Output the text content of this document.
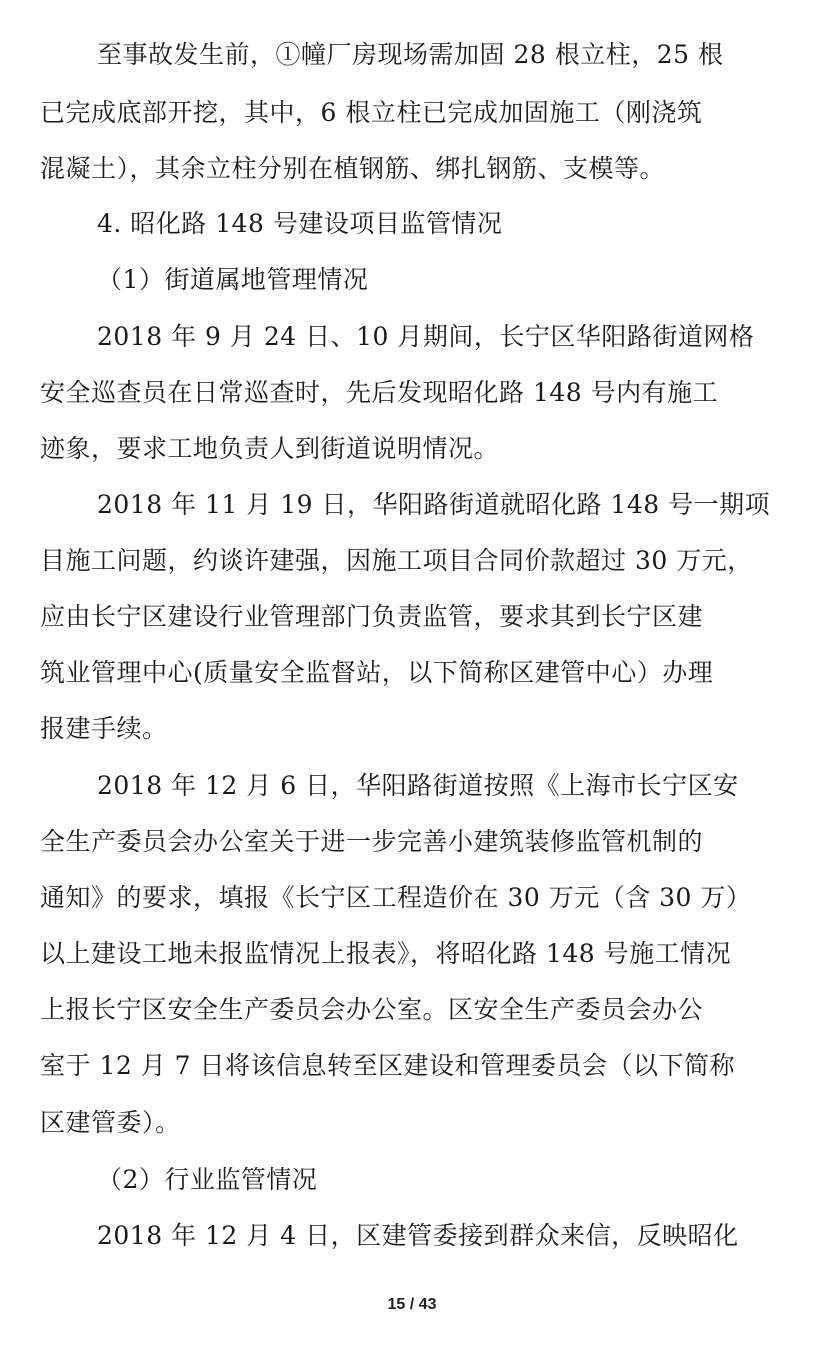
至事故发生前，①幢厂房现场需加固 28 根立柱，25 根
已完成底部开挖，其中，6 根立柱已完成加固施工（刚浇筑
混凝土），其余立柱分别在植钢筋、绑扎钢筋、支模等。
4. 昭化路 148 号建设项目监管情况
（1）街道属地管理情况
2018 年 9 月 24 日、10 月期间，长宁区华阳路街道网格
安全巡查员在日常巡查时，先后发现昭化路 148 号内有施工
迹象，要求工地负责人到街道说明情况。
2018 年 11 月 19 日，华阳路街道就昭化路 148 号一期项
目施工问题，约谈许建强，因施工项目合同价款超过 30 万元，
应由长宁区建设行业管理部门负责监管，要求其到长宁区建
筑业管理中心(质量安全监督站，以下简称区建管中心）办理
报建手续。
2018 年 12 月 6 日，华阳路街道按照《上海市长宁区安
全生产委员会办公室关于进一步完善小建筑装修监管机制的
通知》的要求，填报《长宁区工程造价在 30 万元（含 30 万）
以上建设工地未报监情况上报表》，将昭化路 148 号施工情况
上报长宁区安全生产委员会办公室。区安全生产委员会办公
室于 12 月 7 日将该信息转至区建设和管理委员会（以下简称
区建管委）。
（2）行业监管情况
2018 年 12 月 4 日，区建管委接到群众来信，反映昭化
15 / 43
